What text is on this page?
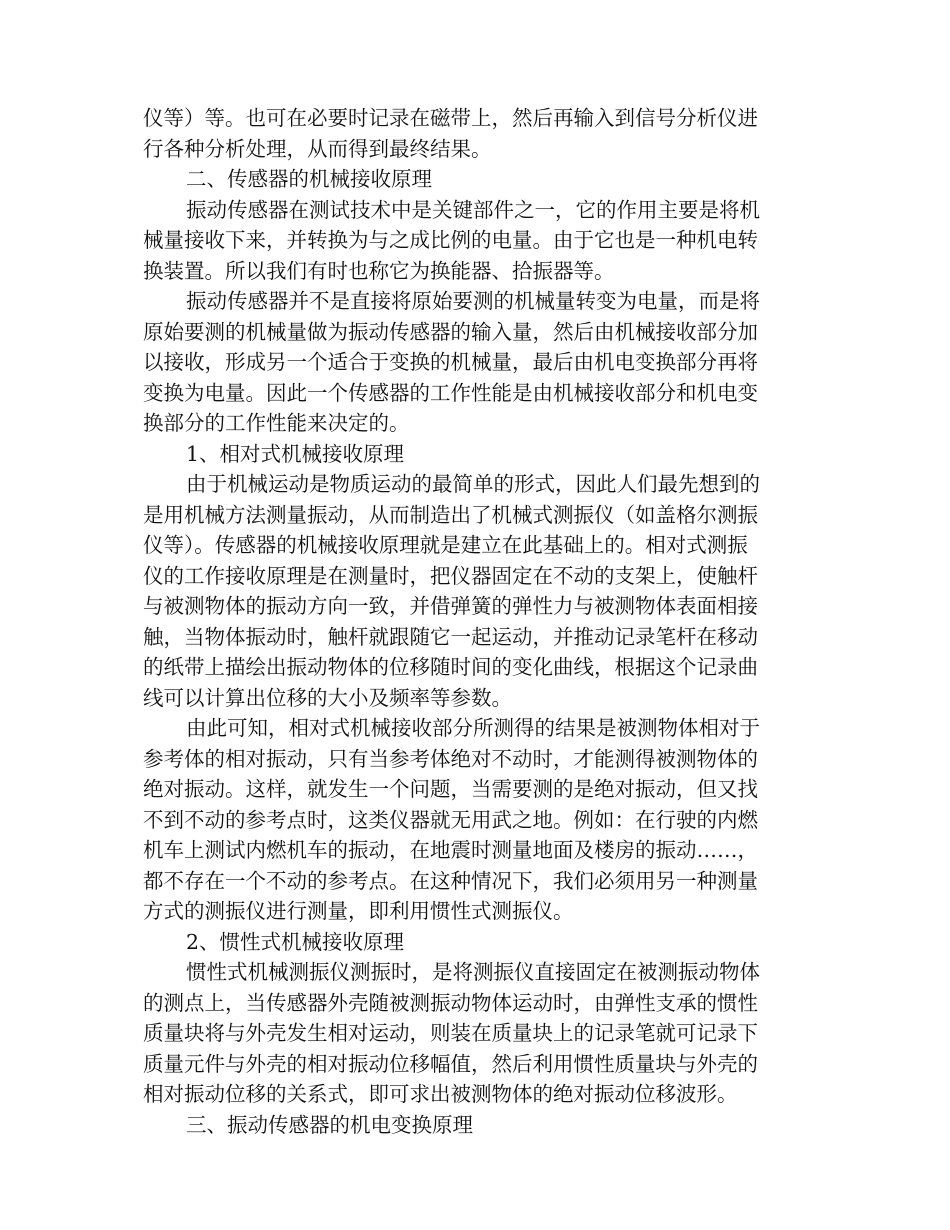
仪等）等。也可在必要时记录在磁带上，然后再输入到信号分析仪进
行各种分析处理，从而得到最终结果。
二、传感器的机械接收原理
振动传感器在测试技术中是关键部件之一，它的作用主要是将机
械量接收下来，并转换为与之成比例的电量。由于它也是一种机电转
换装置。所以我们有时也称它为换能器、拾振器等。
振动传感器并不是直接将原始要测的机械量转变为电量，而是将
原始要测的机械量做为振动传感器的输入量，然后由机械接收部分加
以接收，形成另一个适合于变换的机械量，最后由机电变换部分再将
变换为电量。因此一个传感器的工作性能是由机械接收部分和机电变
换部分的工作性能来决定的。
1、相对式机械接收原理
由于机械运动是物质运动的最简单的形式，因此人们最先想到的
是用机械方法测量振动，从而制造出了机械式测振仪（如盖格尔测振
仪等）。传感器的机械接收原理就是建立在此基础上的。相对式测振
仪的工作接收原理是在测量时，把仪器固定在不动的支架上，使触杆
与被测物体的振动方向一致，并借弹簧的弹性力与被测物体表面相接
触，当物体振动时，触杆就跟随它一起运动，并推动记录笔杆在移动
的纸带上描绘出振动物体的位移随时间的变化曲线，根据这个记录曲
线可以计算出位移的大小及频率等参数。
由此可知，相对式机械接收部分所测得的结果是被测物体相对于
参考体的相对振动，只有当参考体绝对不动时，才能测得被测物体的
绝对振动。这样，就发生一个问题，当需要测的是绝对振动，但又找
不到不动的参考点时，这类仪器就无用武之地。例如：在行驶的内燃
机车上测试内燃机车的振动，在地震时测量地面及楼房的振动……，
都不存在一个不动的参考点。在这种情况下，我们必须用另一种测量
方式的测振仪进行测量，即利用惯性式测振仪。
2、惯性式机械接收原理
惯性式机械测振仪测振时，是将测振仪直接固定在被测振动物体
的测点上，当传感器外壳随被测振动物体运动时，由弹性支承的惯性
质量块将与外壳发生相对运动，则装在质量块上的记录笔就可记录下
质量元件与外壳的相对振动位移幅值，然后利用惯性质量块与外壳的
相对振动位移的关系式，即可求出被测物体的绝对振动位移波形。
三、振动传感器的机电变换原理
